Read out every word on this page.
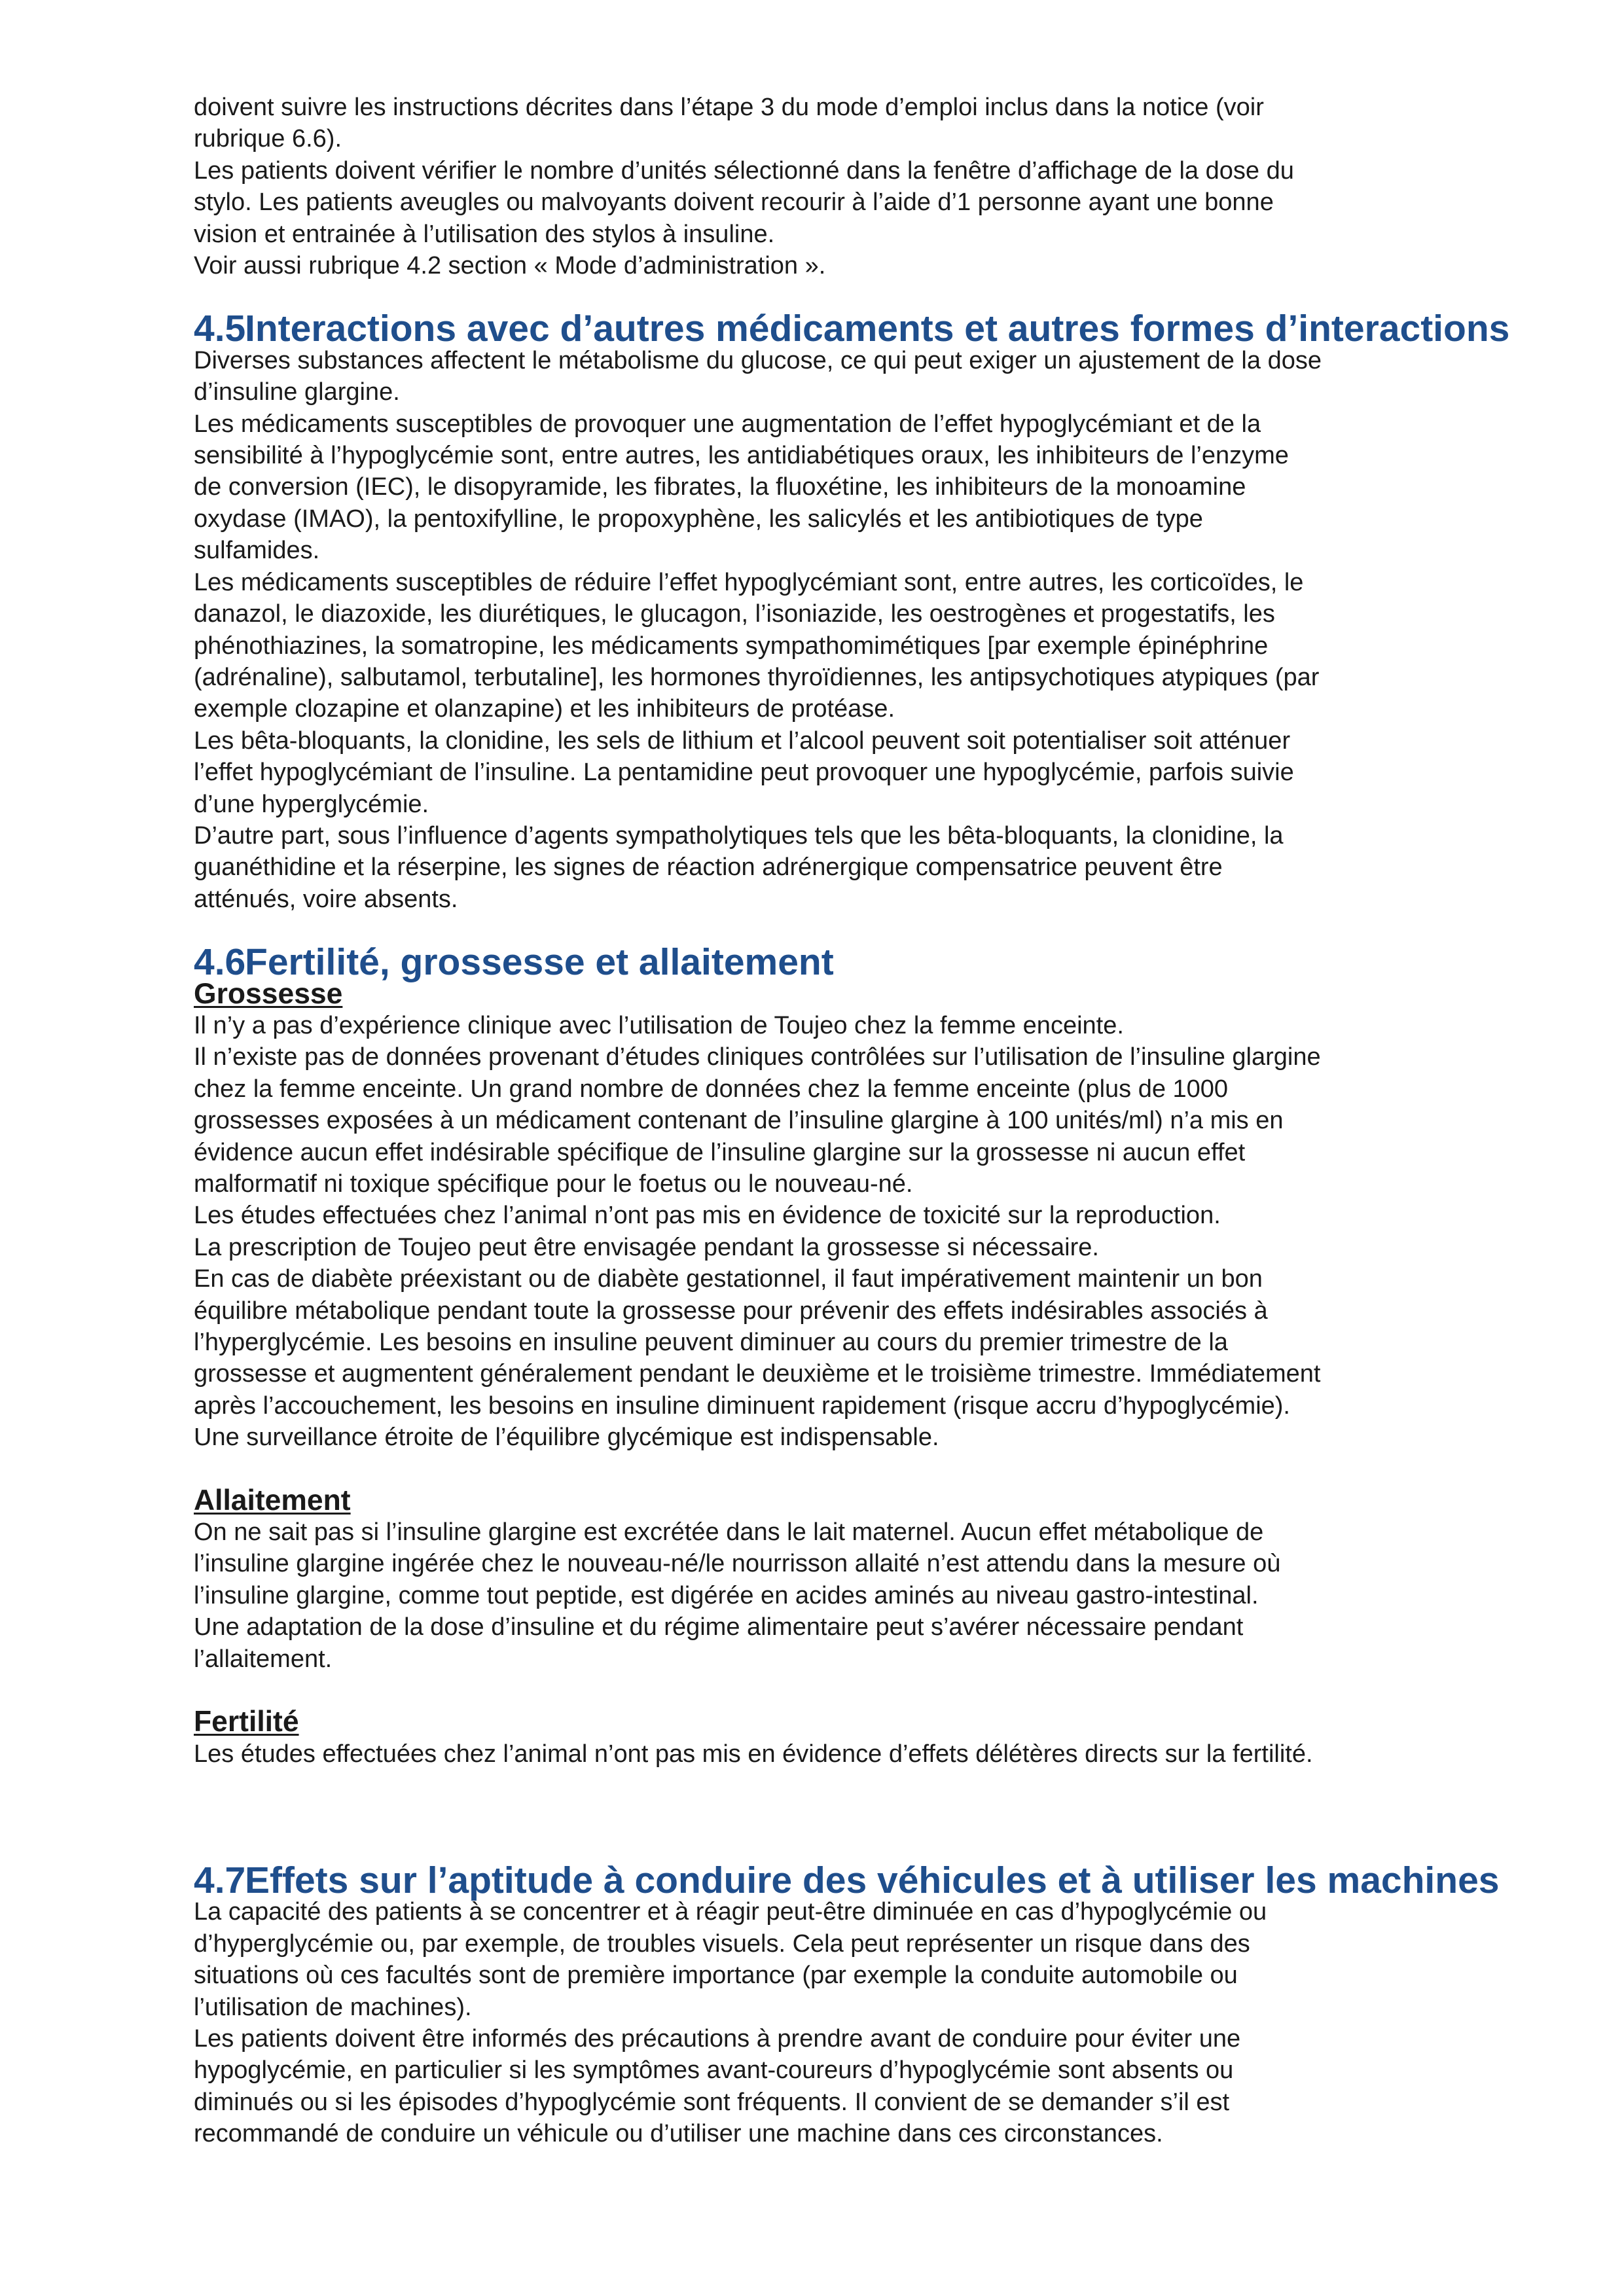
doivent suivre les instructions décrites dans l’étape 3 du mode d’emploi inclus dans la notice (voir
rubrique 6.6).

Les patients doivent vérifier le nombre d’unités sélectionné dans la fenêtre d’affichage de la dose du
stylo. Les patients aveugles ou malvoyants doivent recourir à l’aide d’1 personne ayant une bonne
vision et entrainée à l’utilisation des stylos à insuline.

Voir aussi rubrique 4.2 section « Mode d’administration ».

4.5Interactions avec d’autres médicaments et autres formes d’interactions

Diverses substances affectent le métabolisme du glucose, ce qui peut exiger un ajustement de la dose
d’insuline glargine.

Les médicaments susceptibles de provoquer une augmentation de l’effet hypoglycémiant et de la
sensibilité à l’hypoglycémie sont, entre autres, les antidiabétiques oraux, les inhibiteurs de l’enzyme
de conversion (IEC), le disopyramide, les fibrates, la fluoxétine, les inhibiteurs de la monoamine
oxydase (IMAO), la pentoxifylline, le propoxyphène, les salicylés et les antibiotiques de type
sulfamides.

Les médicaments susceptibles de réduire l’effet hypoglycémiant sont, entre autres, les corticoïdes, le
danazol, le diazoxide, les diurétiques, le glucagon, l’isoniazide, les oestrogènes et progestatifs, les
phénothiazines, la somatropine, les médicaments sympathomimétiques [par exemple épinéphrine
(adrénaline), salbutamol, terbutaline], les hormones thyroïdiennes, les antipsychotiques atypiques (par
exemple clozapine et olanzapine) et les inhibiteurs de protéase.

Les bêta-bloquants, la clonidine, les sels de lithium et l’alcool peuvent soit potentialiser soit atténuer
l’effet hypoglycémiant de l’insuline. La pentamidine peut provoquer une hypoglycémie, parfois suivie
d’une hyperglycémie.

D’autre part, sous l’influence d’agents sympatholytiques tels que les bêta-bloquants, la clonidine, la
guanéthidine et la réserpine, les signes de réaction adrénergique compensatrice peuvent être
atténués, voire absents.

4.6Fertilité, grossesse et allaitement
Grossesse

Il n’y a pas d’expérience clinique avec l’utilisation de Toujeo chez la femme enceinte.

Il n’existe pas de données provenant d’études cliniques contrôlées sur l’utilisation de l’insuline glargine
chez la femme enceinte. Un grand nombre de données chez la femme enceinte (plus de 1000
grossesses exposées à un médicament contenant de l’insuline glargine à 100 unités/ml) n’a mis en
évidence aucun effet indésirable spécifique de l’insuline glargine sur la grossesse ni aucun effet
malformatif ni toxique spécifique pour le foetus ou le nouveau-né.

Les études effectuées chez l’animal n’ont pas mis en évidence de toxicité sur la reproduction.

La prescription de Toujeo peut être envisagée pendant la grossesse si nécessaire.

En cas de diabète préexistant ou de diabète gestationnel, il faut impérativement maintenir un bon
équilibre métabolique pendant toute la grossesse pour prévenir des effets indésirables associés à
l’hyperglycémie. Les besoins en insuline peuvent diminuer au cours du premier trimestre de la
grossesse et augmentent généralement pendant le deuxième et le troisième trimestre. Immédiatement
après l’accouchement, les besoins en insuline diminuent rapidement (risque accru d’hypoglycémie).
Une surveillance étroite de l’équilibre glycémique est indispensable.

Allaitement

On ne sait pas si l’insuline glargine est excrétée dans le lait maternel. Aucun effet métabolique de
l’insuline glargine ingérée chez le nouveau-né/le nourrisson allaité n’est attendu dans la mesure où
l’insuline glargine, comme tout peptide, est digérée en acides aminés au niveau gastro-intestinal.

Une adaptation de la dose d’insuline et du régime alimentaire peut s’avérer nécessaire pendant
l’allaitement.

Fertilité

Les études effectuées chez l’animal n’ont pas mis en évidence d’effets délétères directs sur la fertilité.

4.7Effets sur l’aptitude à conduire des véhicules et à utiliser les machines

La capacité des patients à se concentrer et à réagir peut-être diminuée en cas d’hypoglycémie ou
d’hyperglycémie ou, par exemple, de troubles visuels. Cela peut représenter un risque dans des
situations où ces facultés sont de première importance (par exemple la conduite automobile ou
l’utilisation de machines).

Les patients doivent être informés des précautions à prendre avant de conduire pour éviter une
hypoglycémie, en particulier si les symptômes avant-coureurs d’hypoglycémie sont absents ou
diminués ou si les épisodes d’hypoglycémie sont fréquents. Il convient de se demander s’il est
recommandé de conduire un véhicule ou d’utiliser une machine dans ces circonstances.
